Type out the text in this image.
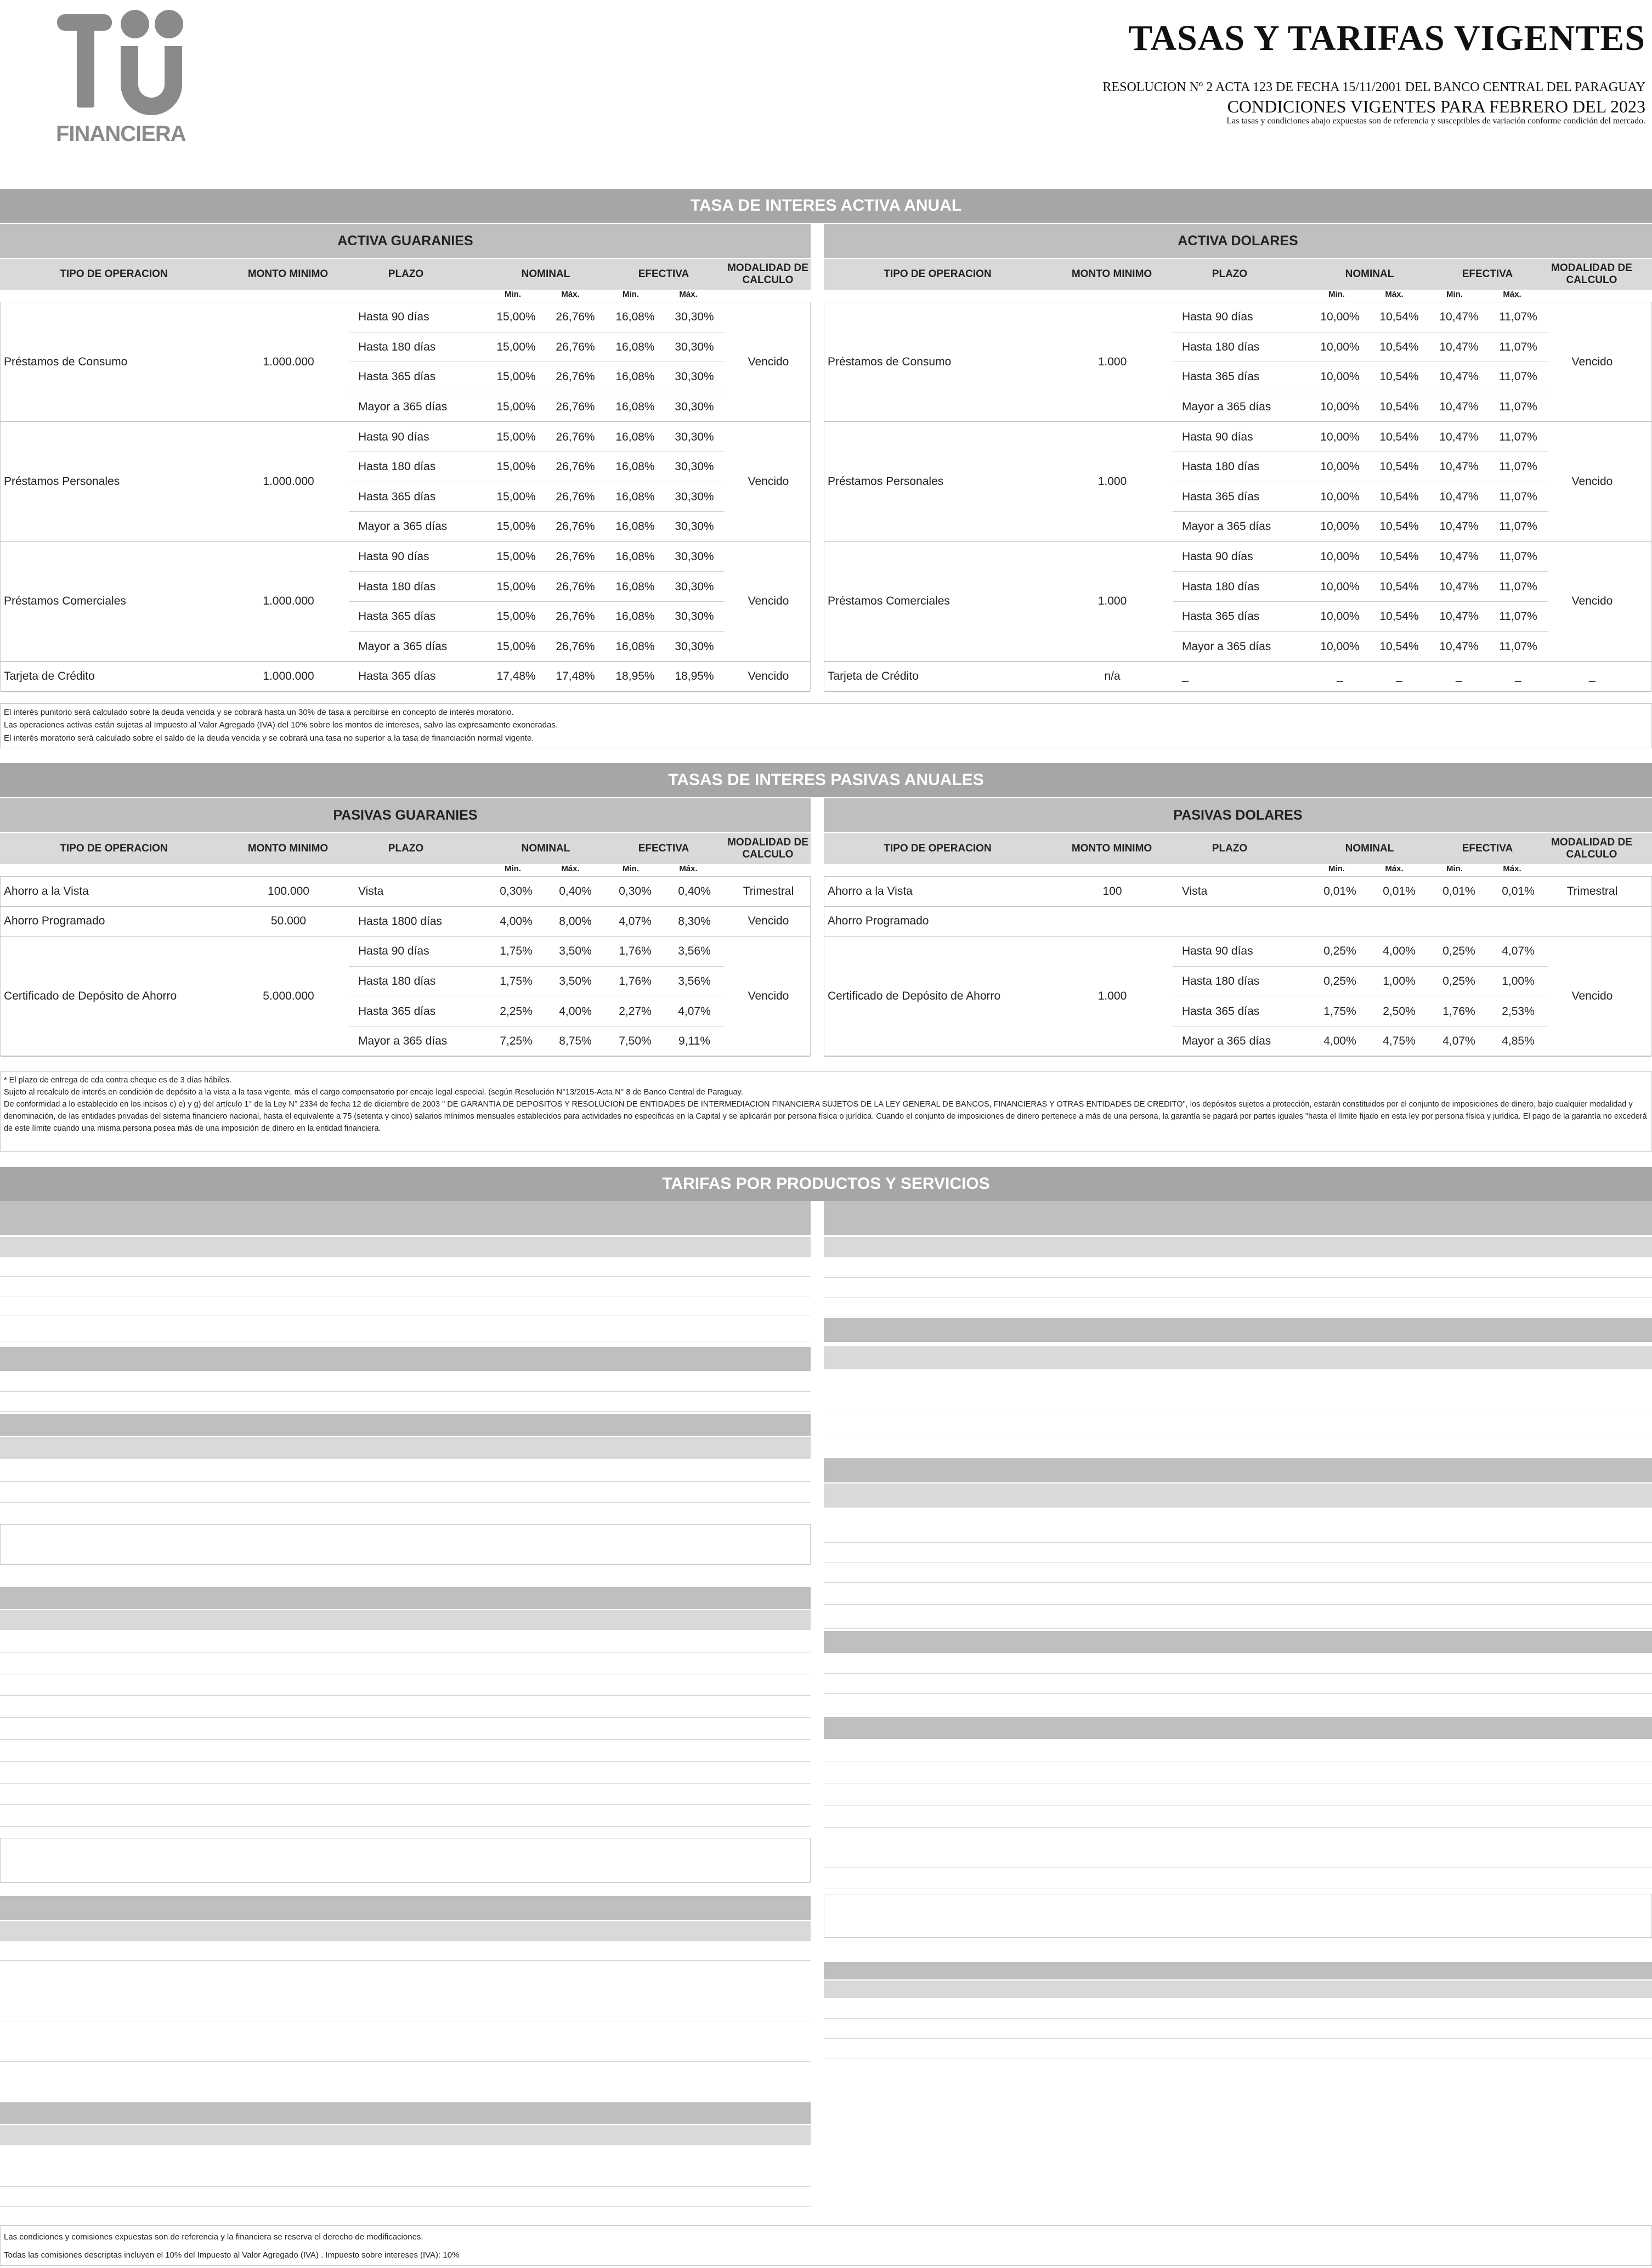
FINANCIERA
TASAS Y TARIFAS VIGENTES
RESOLUCION Nº 2 ACTA 123 DE FECHA 15/11/2001 DEL BANCO CENTRAL DEL PARAGUAY
CONDICIONES VIGENTES PARA FEBRERO DEL 2023
Las tasas y condiciones abajo expuestas son de referencia y susceptibles de variación conforme condición del mercado.
TASA DE INTERES ACTIVA ANUAL
TASAS DE INTERES PASIVAS ANUALES
TARIFAS POR PRODUCTOS Y SERVICIOS
ACTIVA GUARANIES
TIPO DE OPERACION	MONTO MINIMO	PLAZO	NOMINAL	EFECTIVA
MODALIDAD DE CALCULO
Min.	Máx.	Min.	Máx.
Préstamos de Consumo	1.000.000	Vencido
Hasta 90 días	15,00%	26,76%	16,08%	30,30%
Hasta 180 días	15,00%	26,76%	16,08%	30,30%
Hasta 365 días	15,00%	26,76%	16,08%	30,30%
Mayor a 365 días	15,00%	26,76%	16,08%	30,30%
Préstamos Personales	1.000.000	Vencido
Hasta 90 días	15,00%	26,76%	16,08%	30,30%
Hasta 180 días	15,00%	26,76%	16,08%	30,30%
Hasta 365 días	15,00%	26,76%	16,08%	30,30%
Mayor a 365 días	15,00%	26,76%	16,08%	30,30%
Préstamos Comerciales	1.000.000	Vencido
Hasta 90 días	15,00%	26,76%	16,08%	30,30%
Hasta 180 días	15,00%	26,76%	16,08%	30,30%
Hasta 365 días	15,00%	26,76%	16,08%	30,30%
Mayor a 365 días	15,00%	26,76%	16,08%	30,30%
Tarjeta de Crédito	1.000.000	Vencido
Hasta 365 días	17,48%	17,48%	18,95%	18,95%
ACTIVA DOLARES
TIPO DE OPERACION	MONTO MINIMO	PLAZO	NOMINAL	EFECTIVA
MODALIDAD DE CALCULO
Min.	Máx.	Min.	Máx.
Préstamos de Consumo	1.000	Vencido
Hasta 90 días	10,00%	10,54%	10,47%	11,07%
Hasta 180 días	10,00%	10,54%	10,47%	11,07%
Hasta 365 días	10,00%	10,54%	10,47%	11,07%
Mayor a 365 días	10,00%	10,54%	10,47%	11,07%
Préstamos Personales	1.000	Vencido
Hasta 90 días	10,00%	10,54%	10,47%	11,07%
Hasta 180 días	10,00%	10,54%	10,47%	11,07%
Hasta 365 días	10,00%	10,54%	10,47%	11,07%
Mayor a 365 días	10,00%	10,54%	10,47%	11,07%
Préstamos Comerciales	1.000	Vencido
Hasta 90 días	10,00%	10,54%	10,47%	11,07%
Hasta 180 días	10,00%	10,54%	10,47%	11,07%
Hasta 365 días	10,00%	10,54%	10,47%	11,07%
Mayor a 365 días	10,00%	10,54%	10,47%	11,07%
Tarjeta de Crédito	n/a	_
_	_	_	_	_
PASIVAS GUARANIES
TIPO DE OPERACION	MONTO MINIMO	PLAZO	NOMINAL	EFECTIVA
MODALIDAD DE CALCULO
Min.	Máx.	Min.	Máx.
Ahorro a la Vista	100.000	Trimestral
Vista	0,30%	0,40%	0,30%	0,40%
Ahorro Programado	50.000	Vencido
Hasta 1800 días	4,00%	8,00%	4,07%	8,30%
Certificado de Depósito de Ahorro	5.000.000	Vencido
Hasta 90 días	1,75%	3,50%	1,76%	3,56%
Hasta 180 días	1,75%	3,50%	1,76%	3,56%
Hasta 365 días	2,25%	4,00%	2,27%	4,07%
Mayor a 365 días	7,25%	8,75%	7,50%	9,11%
PASIVAS DOLARES
TIPO DE OPERACION	MONTO MINIMO	PLAZO	NOMINAL	EFECTIVA
MODALIDAD DE CALCULO
Min.	Máx.	Min.	Máx.
Ahorro a la Vista	100	Trimestral
Vista	0,01%	0,01%	0,01%	0,01%
Ahorro Programado
Certificado de Depósito de Ahorro	1.000	Vencido
Hasta 90 días	0,25%	4,00%	0,25%	4,07%
Hasta 180 días	0,25%	1,00%	0,25%	1,00%
Hasta 365 días	1,75%	2,50%	1,76%	2,53%
Mayor a 365 días	4,00%	4,75%	4,07%	4,85%
El interés punitorio será calculado sobre la deuda vencida y se cobrará hasta un 30% de tasa a percibirse en concepto de interés moratorio.
Las operaciones activas están sujetas al Impuesto al Valor Agregado (IVA) del 10% sobre los montos de intereses, salvo las expresamente exoneradas.
El interés moratorio será calculado sobre el saldo de la deuda vencida y se cobrará una tasa no superior a la tasa de financiación normal vigente.
* El plazo de entrega de cda contra cheque es de 3 días hábiles.
Sujeto al recalculo de interés en condición de depósito a la vista a la tasa vigente, más el cargo compensatorio por encaje legal especial. (según Resolución N°13/2015-Acta N° 8 de Banco Central de Paraguay.
De conformidad a lo establecido en los incisos c) e) y g) del artículo 1° de la Ley N° 2334 de fecha 12 de diciembre de 2003 " DE GARANTIA DE DEPOSITOS Y RESOLUCION DE ENTIDADES DE INTERMEDIACION FINANCIERA SUJETOS DE LA LEY GENERAL DE BANCOS, FINANCIERAS Y OTRAS ENTIDADES DE CREDITO", los depósitos sujetos a protección, estarán constituidos por el conjunto de imposiciones de dinero, bajo cualquier modalidad y denominación, de las entidades privadas del sistema financiero nacional, hasta el equivalente a 75 (setenta y cinco) salarios mínimos mensuales establecidos para actividades no especificas en la Capital y se aplicarán por persona física o jurídica. Cuando el conjunto de imposiciones de dinero pertenece a más de una persona, la garantía se pagará por partes iguales "hasta el límite fijado en esta ley por persona física y jurídica. El pago de la garantía no excederá de este límite cuando una misma persona posea más de una imposición de dinero en la entidad financiera.
Las condiciones y comisiones expuestas son de referencia y la financiera se reserva el derecho de modificaciones.
Todas las comisiones descriptas incluyen el 10% del Impuesto al Valor Agregado (IVA) . Impuesto sobre intereses (IVA): 10%
